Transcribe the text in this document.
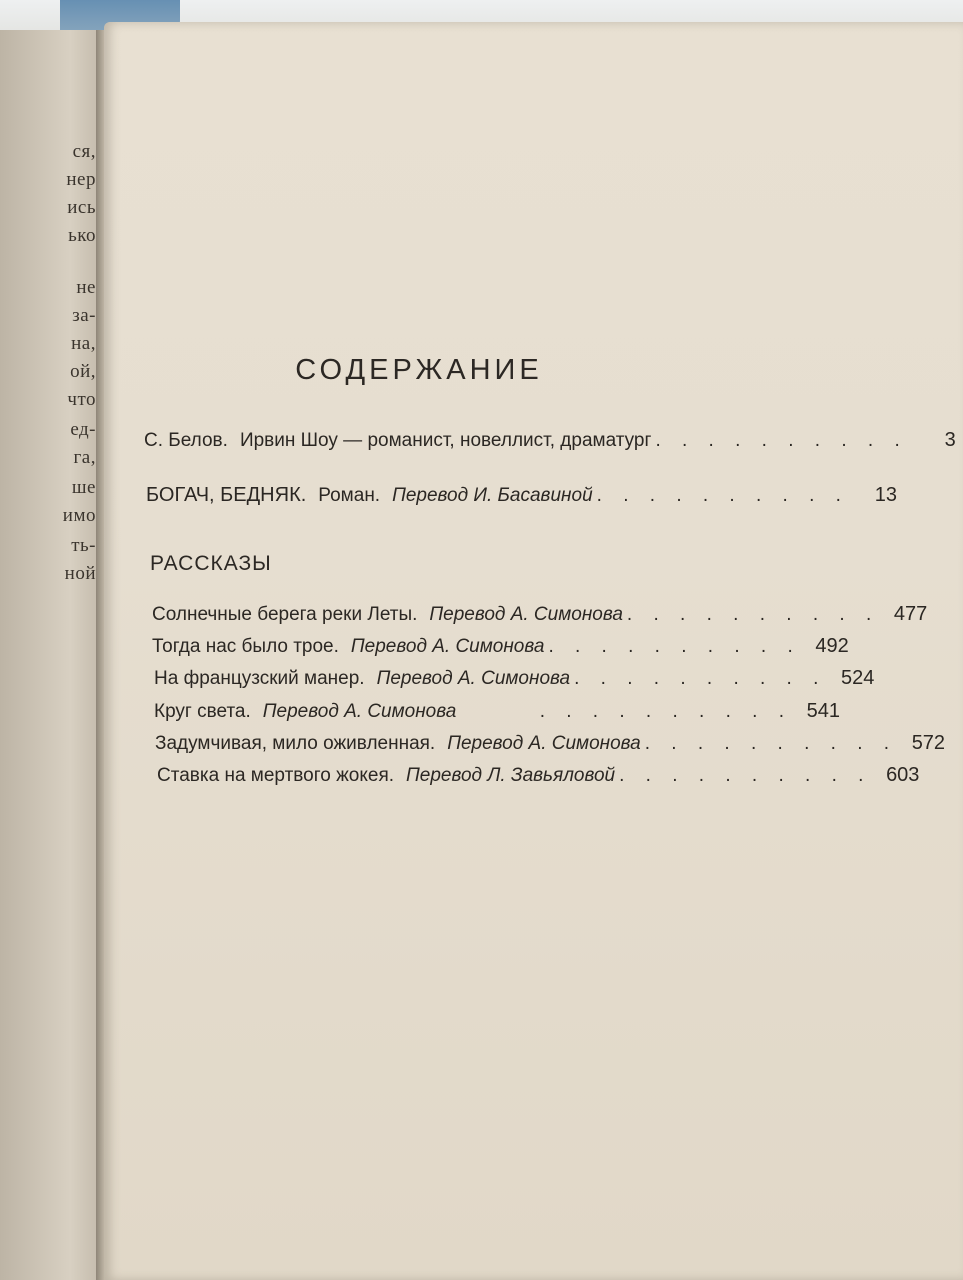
ся,
нер
ись
ько
не
за-
на,
ой,
что
ед-
га,
ше
имо
ть-
ной
СОДЕРЖАНИЕ
С. Белов. Ирвин Шоу — романист, новеллист, драматург . . . . . . . . . .	3
БОГАЧ, БЕДНЯК. Роман. Перевод И. Басавиной . . . . . . . . . .	13
РАССКАЗЫ
Солнечные берега реки Леты. Перевод А. Симонова . . . . . . . . . . 477
Тогда нас было трое. Перевод А. Симонова . . . . . . . . . . 492
На французский манер. Перевод А. Симонова . . . . . . . . . . 524
Круг света. Перевод А. Симонова	. . . . . . . . . . 541
Задумчивая, мило оживленная. Перевод А. Симонова . . . . . . . . . . 572
Ставка на мертвого жокея. Перевод Л. Завьяловой . . . . . . . . . . 603
